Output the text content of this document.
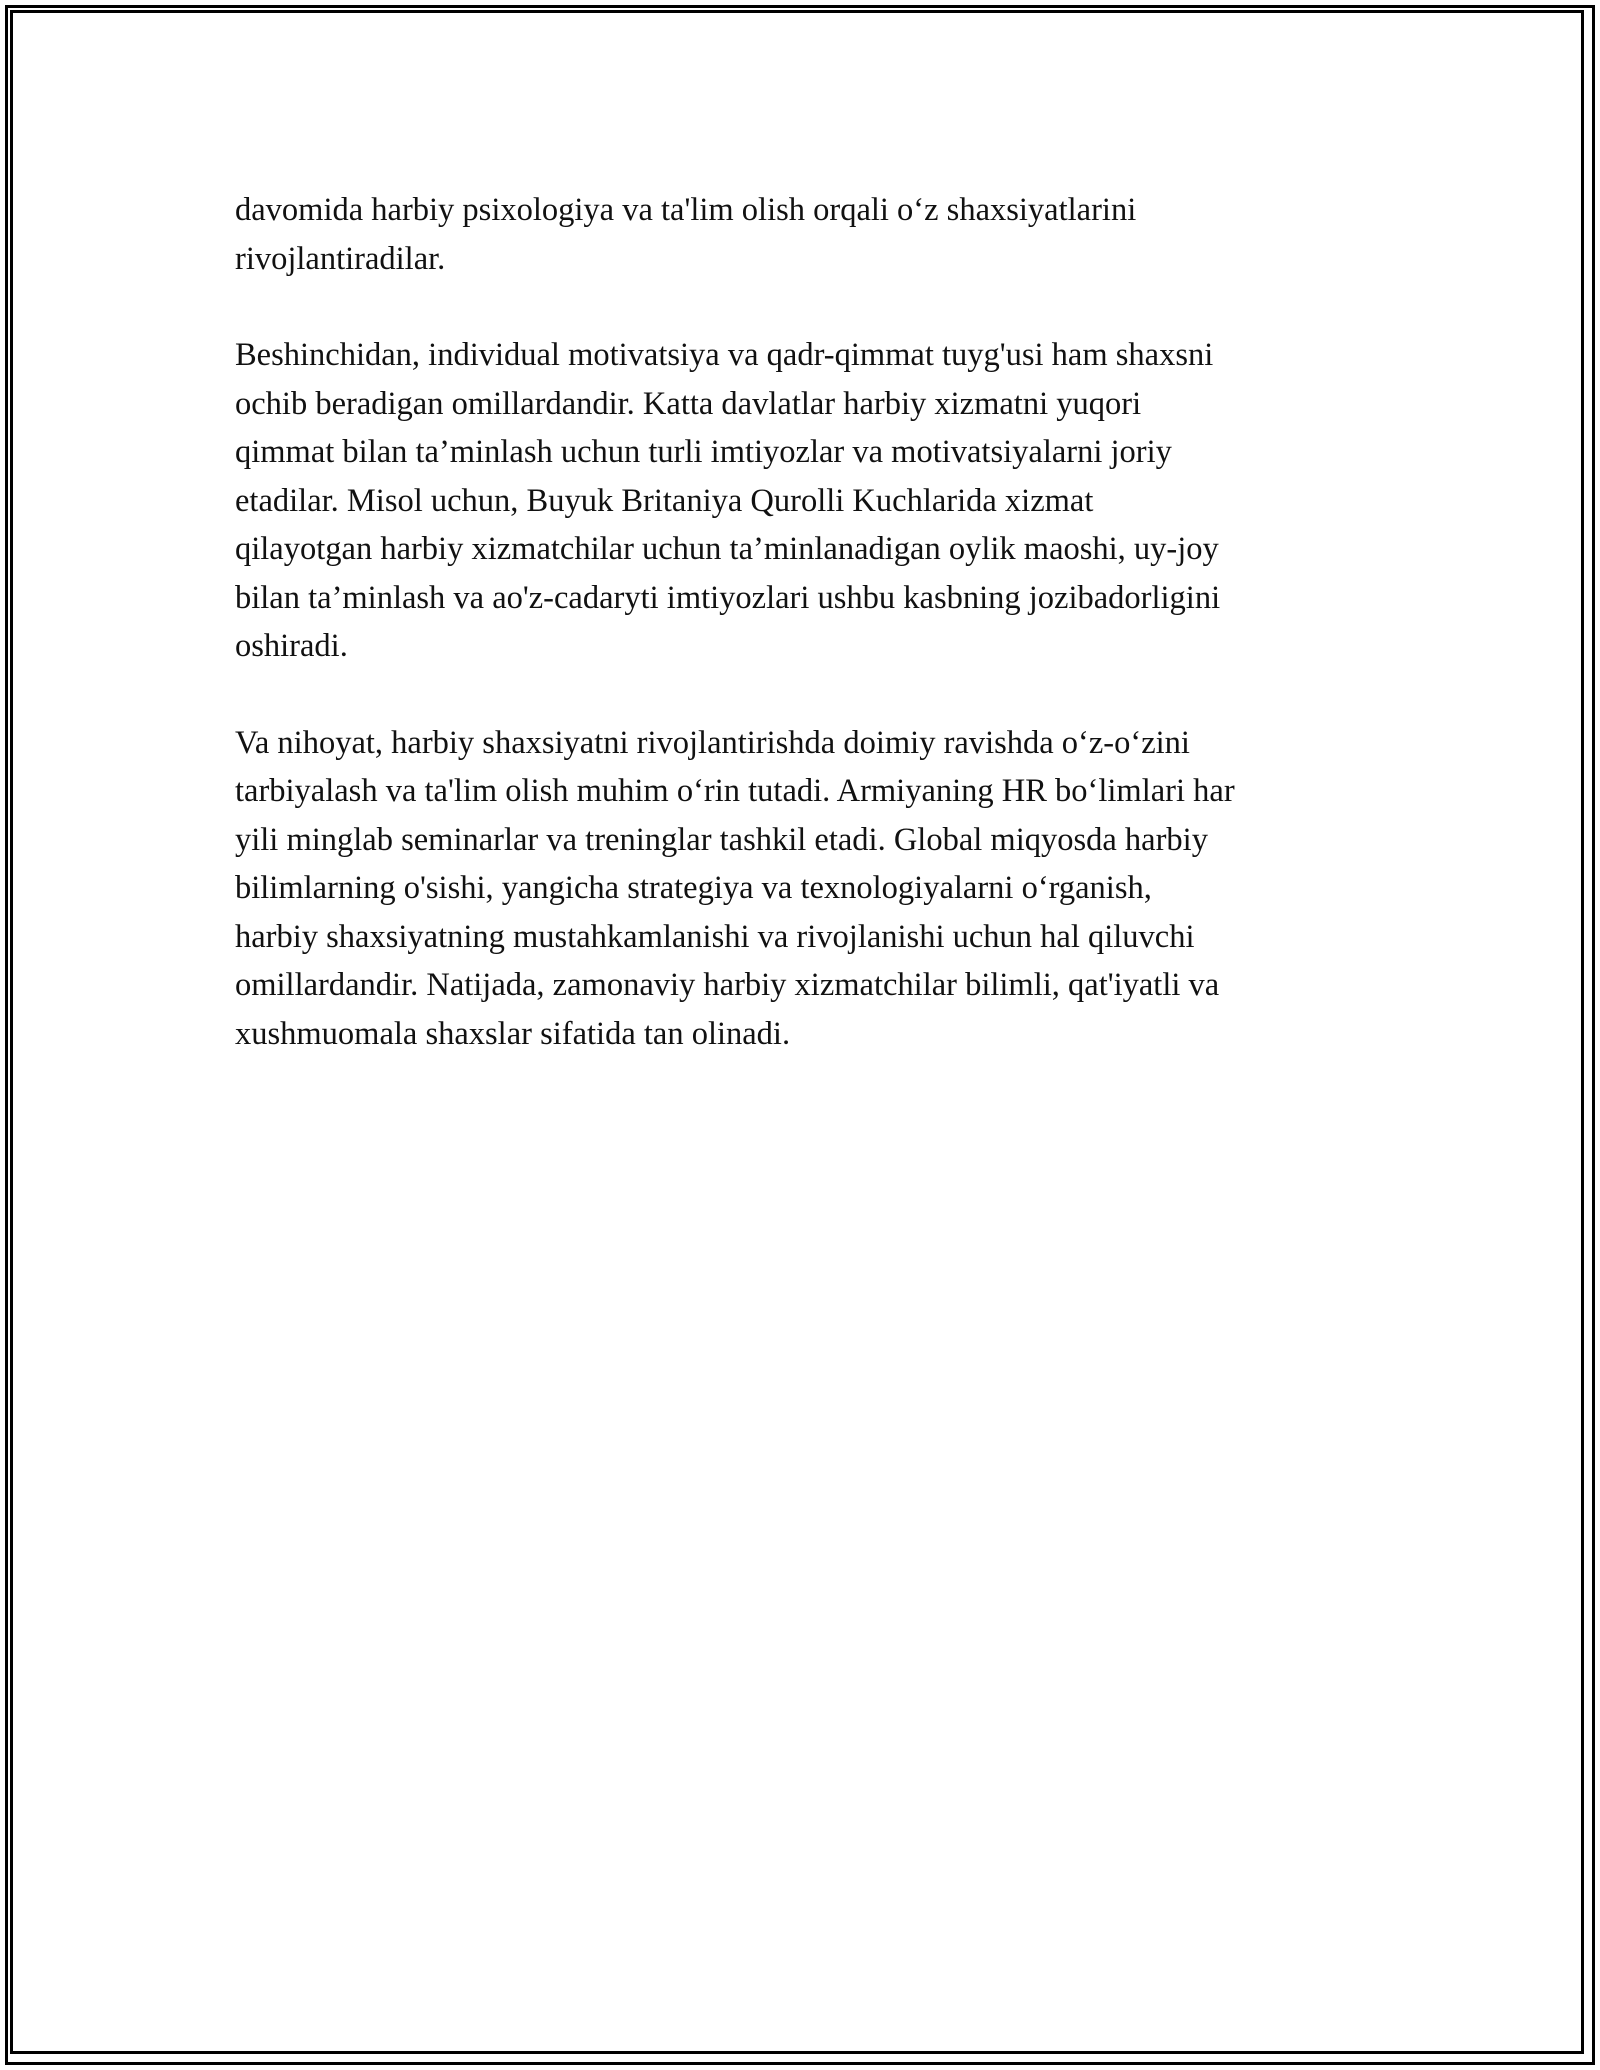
davomida harbiy psixologiya va ta'lim olish orqali o‘z shaxsiyatlarini
rivojlantiradilar.

Beshinchidan, individual motivatsiya va qadr-qimmat tuyg'usi ham shaxsni
ochib beradigan omillardandir. Katta davlatlar harbiy xizmatni yuqori
qimmat bilan ta’minlash uchun turli imtiyozlar va motivatsiyalarni joriy
etadilar. Misol uchun, Buyuk Britaniya Qurolli Kuchlarida xizmat
qilayotgan harbiy xizmatchilar uchun ta’minlanadigan oylik maoshi, uy-joy
bilan ta’minlash va ao'z-cadaryti imtiyozlari ushbu kasbning jozibadorligini
oshiradi.

Va nihoyat, harbiy shaxsiyatni rivojlantirishda doimiy ravishda o‘z-o‘zini
tarbiyalash va ta'lim olish muhim o‘rin tutadi. Armiyaning HR bo‘limlari har
yili minglab seminarlar va treninglar tashkil etadi. Global miqyosda harbiy
bilimlarning o'sishi, yangicha strategiya va texnologiyalarni o‘rganish,
harbiy shaxsiyatning mustahkamlanishi va rivojlanishi uchun hal qiluvchi
omillardandir. Natijada, zamonaviy harbiy xizmatchilar bilimli, qat'iyatli va
xushmuomala shaxslar sifatida tan olinadi.
